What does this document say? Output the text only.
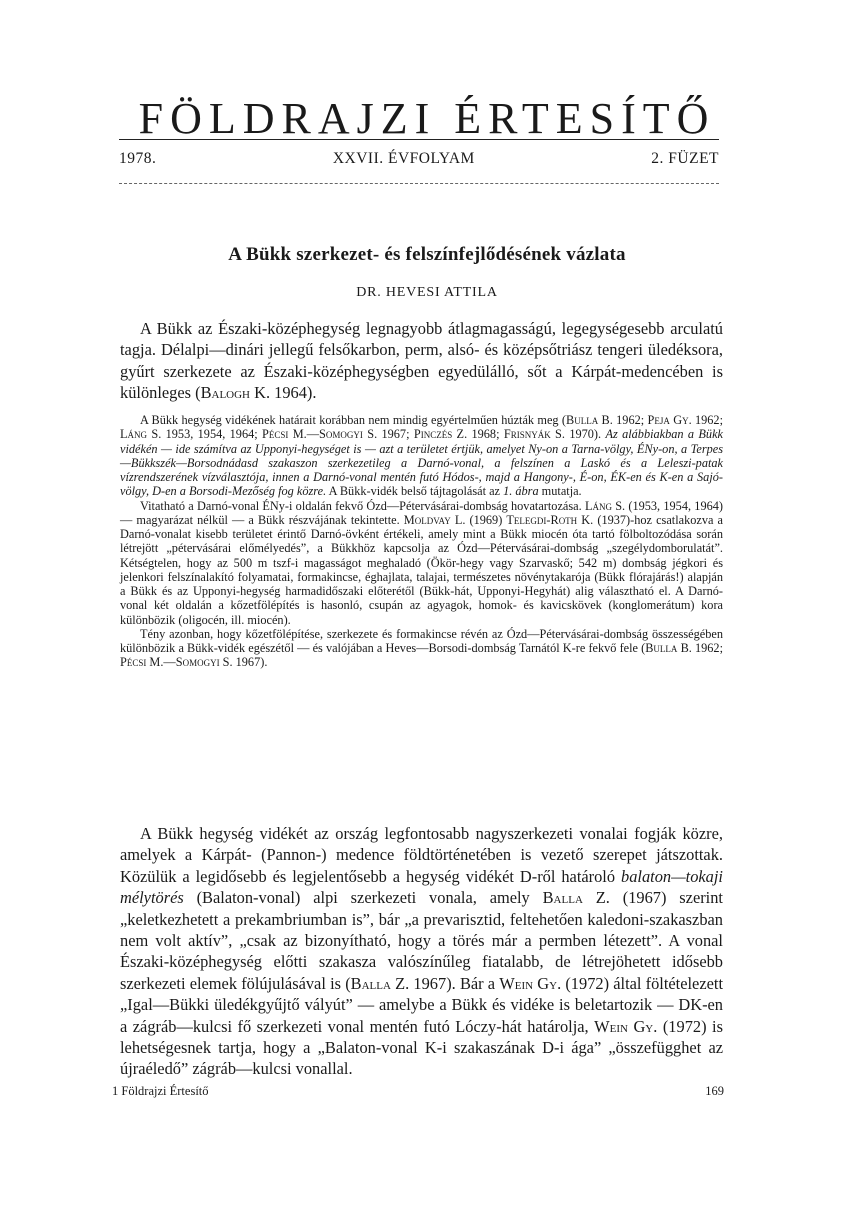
FÖLDRAJZI ÉRTESÍTŐ
1978.	XXVII. ÉVFOLYAM	2. FÜZET
A Bükk szerkezet- és felszínfejlődésének vázlata
DR. HEVESI ATTILA

A Bükk az Északi-középhegység legnagyobb átlagmagasságú, legegységesebb arculatú tagja. Délalpi—dinári jellegű felsőkarbon, perm, alsó- és középsőtriász tengeri üledéksora, gyűrt szerkezete az Északi-középhegységben egyedülálló, sőt a Kárpát-medencében is különleges (Balogh K. 1964).

A Bükk hegység vidékének határait korábban nem mindig egyértelműen húzták meg (Bulla B. 1962; Peja Gy. 1962; Láng S. 1953, 1954, 1964; Pécsi M.—Somogyi S. 1967; Pinczés Z. 1968; Frisnyák S. 1970). Az alábbiakban a Bükk vidékén — ide számítva az Upponyi-hegységet is — azt a területet értjük, amelyet Ny-on a Tarna-völgy, ÉNy-on, a Terpes—Bükkszék—Borsodnádasd szakaszon szerkezetileg a Darnó-vonal, a felszínen a Laskó és a Leleszi-patak vízrendszerének vízválasztója, innen a Darnó-vonal mentén futó Hódos-, majd a Hangony-, É-on, ÉK-en és K-en a Sajó-völgy, D-en a Borsodi-Mezőség fog közre. A Bükk-vidék belső tájtagolását az 1. ábra mutatja.

Vitatható a Darnó-vonal ÉNy-i oldalán fekvő Ózd—Pétervásárai-dombság hovatartozása. Láng S. (1953, 1954, 1964) — magyarázat nélkül — a Bükk részvájának tekintette. Moldvay L. (1969) Telegdi-Roth K. (1937)-hoz csatlakozva a Darnó-vonalat kisebb területet érintő Darnó-övként értékeli, amely mint a Bükk miocén óta tartó fölboltozódása során létrejött „pétervásárai előmélyedés”, a Bükkhöz kapcsolja az Ózd—Pétervásárai-dombság „szegélydomborulatát”. Kétségtelen, hogy az 500 m tszf-i magasságot meghaladó (Ökör-hegy vagy Szarvaskő; 542 m) dombság jégkori és jelenkori felszínalakító folyamatai, formakincse, éghajlata, talajai, természetes növénytakarója (Bükk flórajárás!) alapján a Bükk és az Upponyi-hegység harmadidőszaki előterétől (Bükk-hát, Upponyi-Hegyhát) alig választható el. A Darnó-vonal két oldalán a kőzetfölépítés is hasonló, csupán az agyagok, homok- és kavicskövek (konglomerátum) kora különbözik (oligocén, ill. miocén).

Tény azonban, hogy kőzetfölépítése, szerkezete és formakincse révén az Ózd—Pétervásárai-dombság összességében különbözik a Bükk-vidék egészétől — és valójában a Heves—Borsodi-dombság Tarnától K-re fekvő fele (Bulla B. 1962; Pécsi M.—Somogyi S. 1967).

A Bükk hegység vidékét az ország legfontosabb nagyszerkezeti vonalai fogják közre, amelyek a Kárpát- (Pannon-) medence földtörténetében is vezető szerepet játszottak. Közülük a legidősebb és legjelentősebb a hegység vidékét D-ről határoló balaton—tokaji mélytörés (Balaton-vonal) alpi szerkezeti vonala, amely Balla Z. (1967) szerint „keletkezhetett a prekambriumban is”, bár „a prevarisztid, feltehetően kaledoni-szakaszban nem volt aktív”, „csak az bizonyítható, hogy a törés már a permben létezett”. A vonal Északi-középhegység előtti szakasza valószínűleg fiatalabb, de létrejöhetett idősebb szerkezeti elemek fölújulásával is (Balla Z. 1967). Bár a Wein Gy. (1972) által föltételezett „Igal—Bükki üledékgyűjtő vályút” — amelybe a Bükk és vidéke is beletartozik — DK-en a zágráb—kulcsi fő szerkezeti vonal mentén futó Lóczy-hát határolja, Wein Gy. (1972) is lehetségesnek tartja, hogy a „Balaton-vonal K-i szakaszának D-i ága” „összefügghet az újraéledő” zágráb—kulcsi vonallal.

1 Földrajzi Értesítő	169
